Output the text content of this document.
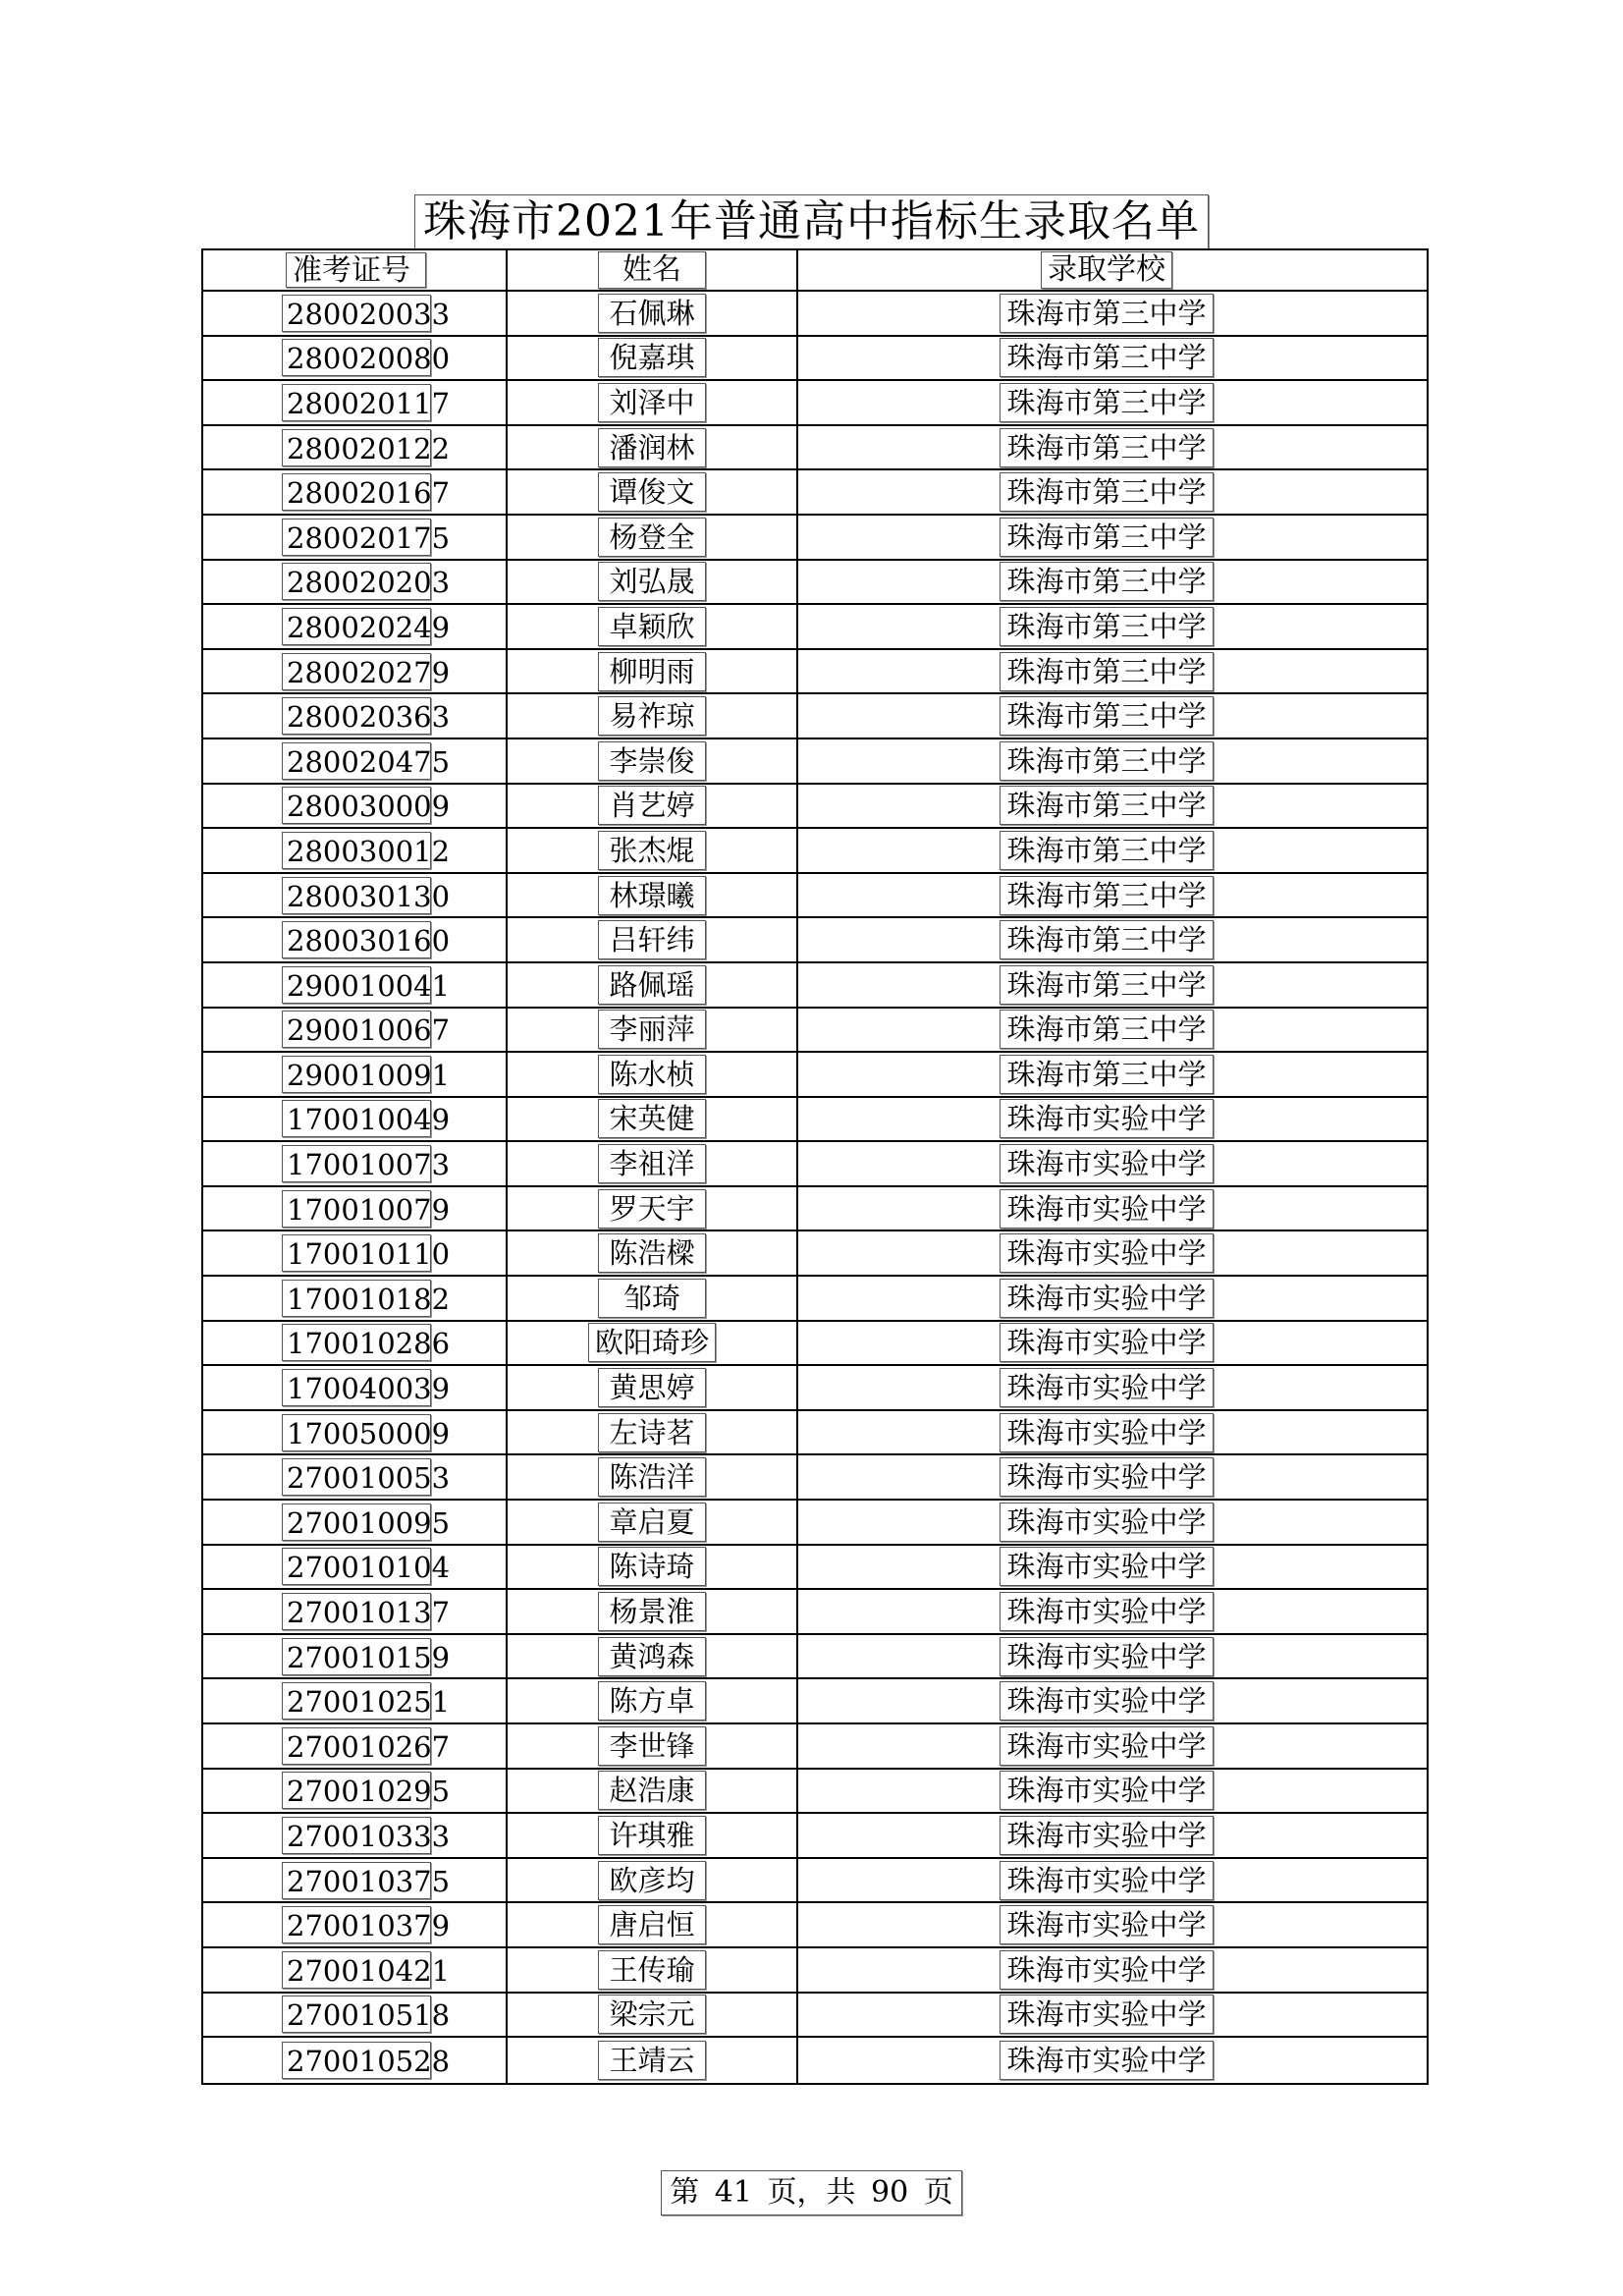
珠海市2021年普通高中指标生录取名单
准考证号	姓名	录取学校
280020033	石佩琳	珠海市第三中学
280020080	倪嘉琪	珠海市第三中学
280020117	刘泽中	珠海市第三中学
280020122	潘润林	珠海市第三中学
280020167	谭俊文	珠海市第三中学
280020175	杨登全	珠海市第三中学
280020203	刘弘晟	珠海市第三中学
280020249	卓颖欣	珠海市第三中学
280020279	柳明雨	珠海市第三中学
280020363	易祚琼	珠海市第三中学
280020475	李崇俊	珠海市第三中学
280030009	肖艺婷	珠海市第三中学
280030012	张杰焜	珠海市第三中学
280030130	林璟曦	珠海市第三中学
280030160	吕轩纬	珠海市第三中学
290010041	路佩瑶	珠海市第三中学
290010067	李丽萍	珠海市第三中学
290010091	陈水桢	珠海市第三中学
170010049	宋英健	珠海市实验中学
170010073	李祖洋	珠海市实验中学
170010079	罗天宇	珠海市实验中学
170010110	陈浩樑	珠海市实验中学
170010182	邹琦	珠海市实验中学
170010286	欧阳琦珍	珠海市实验中学
170040039	黄思婷	珠海市实验中学
170050009	左诗茗	珠海市实验中学
270010053	陈浩洋	珠海市实验中学
270010095	章启夏	珠海市实验中学
270010104	陈诗琦	珠海市实验中学
270010137	杨景淮	珠海市实验中学
270010159	黄鸿森	珠海市实验中学
270010251	陈方卓	珠海市实验中学
270010267	李世锋	珠海市实验中学
270010295	赵浩康	珠海市实验中学
270010333	许琪雅	珠海市实验中学
270010375	欧彦均	珠海市实验中学
270010379	唐启恒	珠海市实验中学
270010421	王传瑜	珠海市实验中学
270010518	梁宗元	珠海市实验中学
270010528	王靖云	珠海市实验中学
第 41 页，共 90 页
